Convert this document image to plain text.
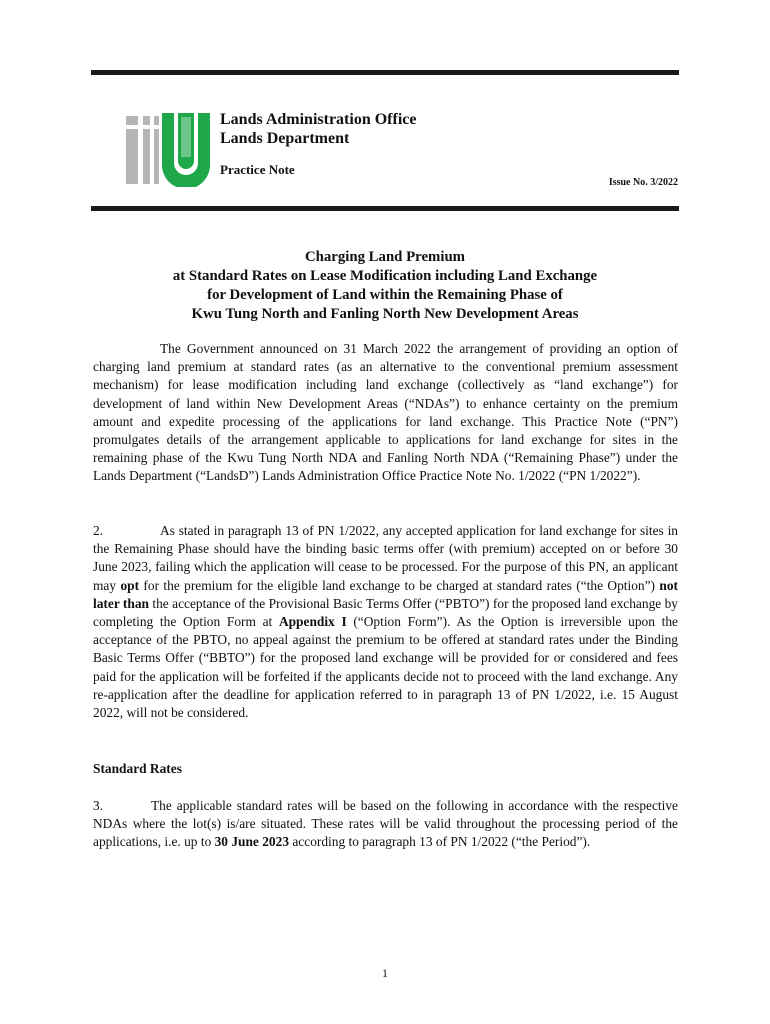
Lands Administration Office
Lands Department
Practice Note
Issue No. 3/2022
Charging Land Premium
at Standard Rates on Lease Modification including Land Exchange
for Development of Land within the Remaining Phase of
Kwu Tung North and Fanling North New Development Areas
The Government announced on 31 March 2022 the arrangement of providing an option of charging land premium at standard rates (as an alternative to the conventional premium assessment mechanism) for lease modification including land exchange (collectively as “land exchange”) for development of land within New Development Areas (“NDAs”) to enhance certainty on the premium amount and expedite processing of the applications for land exchange. This Practice Note (“PN”) promulgates details of the arrangement applicable to applications for land exchange for sites in the remaining phase of the Kwu Tung North NDA and Fanling North NDA (“Remaining Phase”) under the Lands Department (“LandsD”) Lands Administration Office Practice Note No. 1/2022 (“PN 1/2022”).
2.	As stated in paragraph 13 of PN 1/2022, any accepted application for land exchange for sites in the Remaining Phase should have the binding basic terms offer (with premium) accepted on or before 30 June 2023, failing which the application will cease to be processed. For the purpose of this PN, an applicant may opt for the premium for the eligible land exchange to be charged at standard rates (“the Option”) not later than the acceptance of the Provisional Basic Terms Offer (“PBTO”) for the proposed land exchange by completing the Option Form at Appendix I (“Option Form”). As the Option is irreversible upon the acceptance of the PBTO, no appeal against the premium to be offered at standard rates under the Binding Basic Terms Offer (“BBTO”) for the proposed land exchange will be provided for or considered and fees paid for the application will be forfeited if the applicants decide not to proceed with the land exchange. Any re-application after the deadline for application referred to in paragraph 13 of PN 1/2022, i.e. 15 August 2022, will not be considered.
Standard Rates
3.	The applicable standard rates will be based on the following in accordance with the respective NDAs where the lot(s) is/are situated. These rates will be valid throughout the processing period of the applications, i.e. up to 30 June 2023 according to paragraph 13 of PN 1/2022 (“the Period”).
1
